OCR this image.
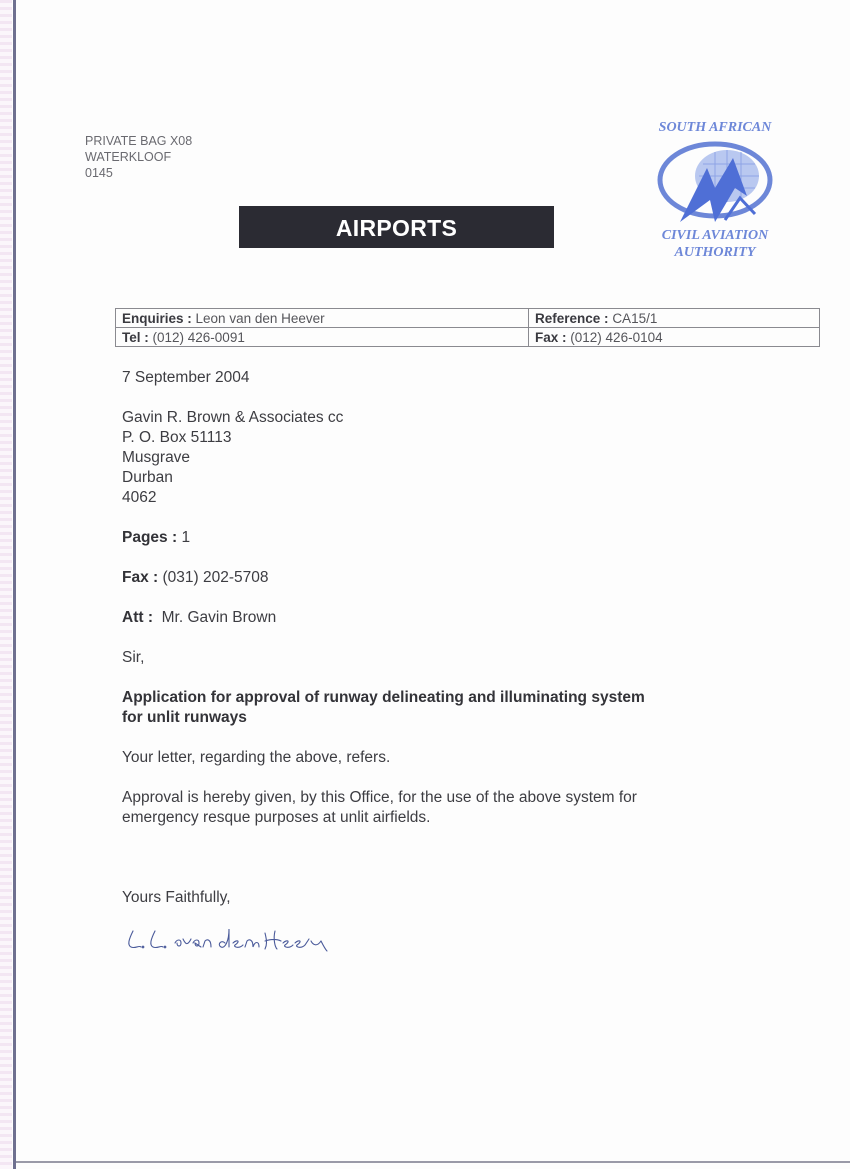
PRIVATE BAG X08
WATERKLOOF
0145
AIRPORTS
SOUTH AFRICAN
CIVIL AVIATION
AUTHORITY
Enquiries : Leon van den Heever	Reference : CA15/1
Tel : (012) 426-0091	Fax : (012) 426-0104

7 September 2004

Gavin R. Brown & Associates cc

P. O. Box 51113

Musgrave

Durban

4062

Pages : 1

Fax : (031) 202-5708

Att : Mr. Gavin Brown

Sir,

Application for approval of runway delineating and illuminating system

for unlit runways

Your letter, regarding the above, refers.

Approval is hereby given, by this Office, for the use of the above system for

emergency resque purposes at unlit airfields.

Yours Faithfully,
